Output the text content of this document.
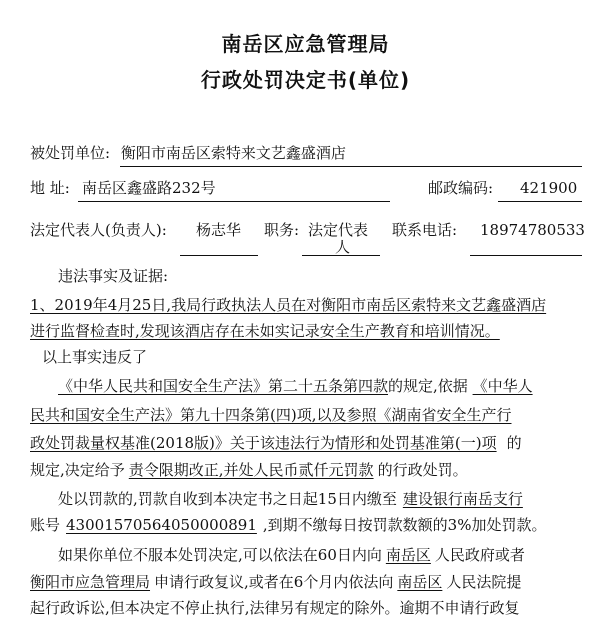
南岳区应急管理局
行政处罚决定书(单位)
被处罚单位: 衡阳市南岳区索特来文艺鑫盛酒店
地 址: 南岳区鑫盛路232号	邮政编码: 421900
法定代表人(负责人): 杨志华 职务: 法定代表
人
联系电话: 18974780533
违法事实及证据:
1、2019年4月25日,我局行政执法人员在对衡阳市南岳区索特来文艺鑫盛酒店
进行监督检查时,发现该酒店存在未如实记录安全生产教育和培训情况。
以上事实违反了
《中华人民共和国安全生产法》第二十五条第四款的规定,依据 《中华人
民共和国安全生产法》第九十四条第(四)项,以及参照《湖南省安全生产行
政处罚裁量权基准(2018版)》关于该违法行为情形和处罚基准第(一)项 的
规定,决定给予 责令限期改正,并处人民币贰仟元罚款 的行政处罚。
处以罚款的,罚款自收到本决定书之日起15日内缴至 建设银行南岳支行
账号 43001570564050000891 ,到期不缴每日按罚款数额的3%加处罚款。
如果你单位不服本处罚决定,可以依法在60日内向 南岳区 人民政府或者
衡阳市应急管理局 申请行政复议,或者在6个月内依法向 南岳区 人民法院提
起行政诉讼,但本决定不停止执行,法律另有规定的除外。逾期不申请行政复
